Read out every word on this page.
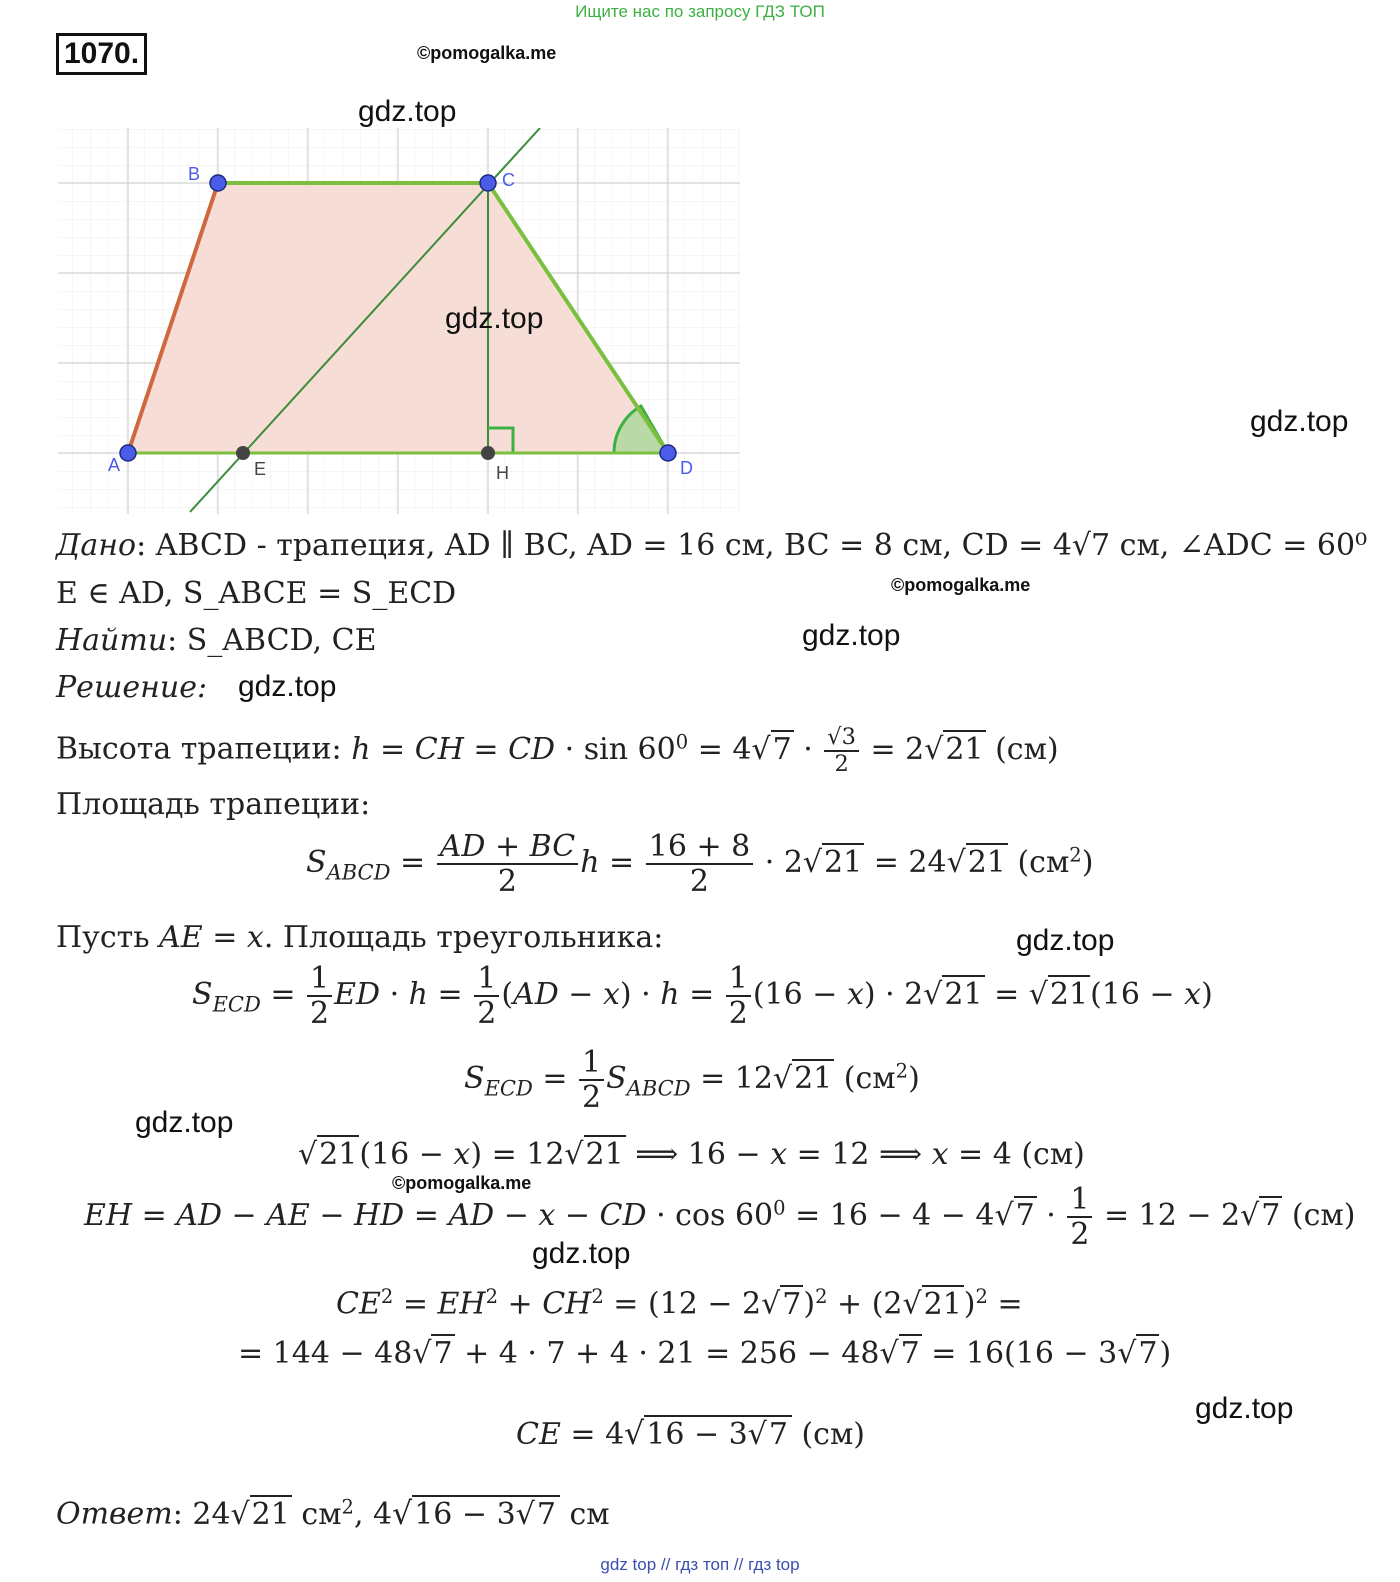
Ищите нас по запросу ГДЗ ТОП
1070.	©pomogalka.me
©pomogalka.me
©pomogalka.me
A
B	C
D
E	H
gdz.top
gdz.top
gdz.top
gdz.top
gdz.top
gdz.top
gdz.top
gdz.top
gdz.top
Дано: ABCD - трапеция, AD ∥ BC, AD = 16 см, BC = 8 см, CD = 4√7 см, ∠ADC = 60⁰
E ∈ AD, S_ABCE = S_ECD
Найти: S_ABCD, CE
Решение:
Высота трапеции: h = CH = CD · $\sin 60^0 = 4√7 \cdot \frac{√3}{2} = 2√21$ (см)
Площадь трапеции:
$S_{ABCD} = \frac{AD + BC}{2}$ $h = \frac{16 + 8}{2} \cdot 2√21 = 24√21$ $(см^2)$
Пусть AE = x. Площадь треугольника:
$S_{ECD} = \frac{1}{2}$ ED · $h = \frac{1}{2} (AD - x) \cdot h = \frac{1}{2} (16 - x) \cdot 2√21 = √21(16 - x)$
$S_{ECD} = \frac{1}{2} S_{ABCD} = 12√21$ $(см^2)$
√21(16 − x) = 12√21 ⟹ 16 − x = 12 ⟹ x = 4 (см)
EH = AD − AE − HD = AD − x − CD · $\cos 60^0 = 16 - 4 - 4√7 \cdot \frac{1}{2} = 12 - 2√7$ (см)
$CE^2 = EH^2 + CH^2 = (12 - 2√7)^2 + (2√21)^2$ =
= 144 − 48√7 + 4 · 7 + 4 · 21 = 256 − 48√7 = 16(16 − 3√7)
CE = 4√16 − 3√7 (см)
Ответ: 24√21 $см^2$, 4√16 − 3√7 см
gdz top // гдз топ // гдз top
